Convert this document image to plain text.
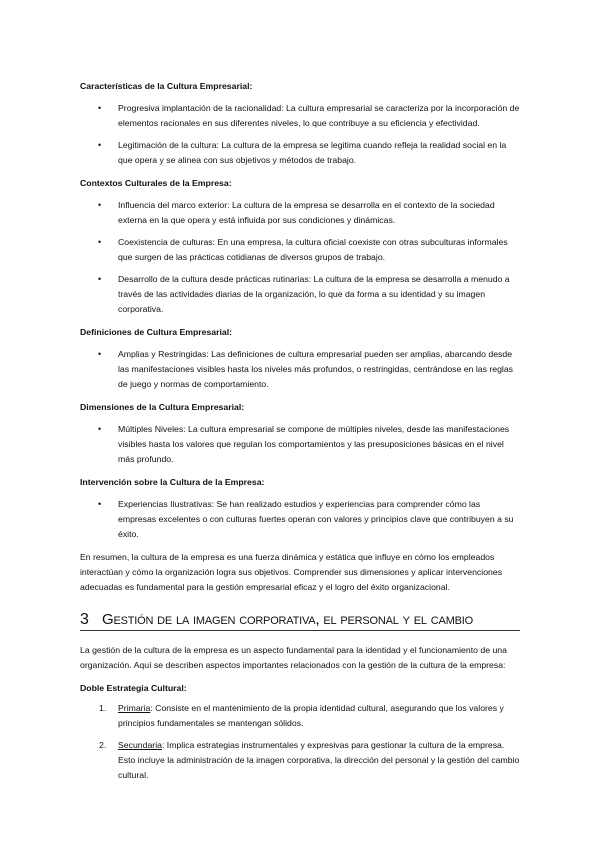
Características de la Cultura Empresarial:

• Progresiva implantación de la racionalidad: La cultura empresarial se caracteriza por la incorporación de elementos racionales en sus diferentes niveles, lo que contribuye a su eficiencia y efectividad.
• Legitimación de la cultura: La cultura de la empresa se legitima cuando refleja la realidad social en la que opera y se alinea con sus objetivos y métodos de trabajo.

Contextos Culturales de la Empresa:

• Influencia del marco exterior: La cultura de la empresa se desarrolla en el contexto de la sociedad externa en la que opera y está influida por sus condiciones y dinámicas.
• Coexistencia de culturas: En una empresa, la cultura oficial coexiste con otras subculturas informales que surgen de las prácticas cotidianas de diversos grupos de trabajo.
• Desarrollo de la cultura desde prácticas rutinarias: La cultura de la empresa se desarrolla a menudo a través de las actividades diarias de la organización, lo que da forma a su identidad y su imagen corporativa.

Definiciones de Cultura Empresarial:

• Amplias y Restringidas: Las definiciones de cultura empresarial pueden ser amplias, abarcando desde las manifestaciones visibles hasta los niveles más profundos, o restringidas, centrándose en las reglas de juego y normas de comportamiento.

Dimensiones de la Cultura Empresarial:

• Múltiples Niveles: La cultura empresarial se compone de múltiples niveles, desde las manifestaciones visibles hasta los valores que regulan los comportamientos y las presuposiciones básicas en el nivel más profundo.

Intervención sobre la Cultura de la Empresa:

• Experiencias Ilustrativas: Se han realizado estudios y experiencias para comprender cómo las empresas excelentes o con culturas fuertes operan con valores y principios clave que contribuyen a su éxito.

En resumen, la cultura de la empresa es una fuerza dinámica y estática que influye en cómo los empleados interactúan y cómo la organización logra sus objetivos. Comprender sus dimensiones y aplicar intervenciones adecuadas es fundamental para la gestión empresarial eficaz y el logro del éxito organizacional.

3 Gestión de la imagen corporativa, el personal y el cambio

La gestión de la cultura de la empresa es un aspecto fundamental para la identidad y el funcionamiento de una organización. Aquí se describen aspectos importantes relacionados con la gestión de la cultura de la empresa:

Doble Estrategia Cultural:

1. Primaria: Consiste en el mantenimiento de la propia identidad cultural, asegurando que los valores y principios fundamentales se mantengan sólidos.
2. Secundaria: Implica estrategias instrumentales y expresivas para gestionar la cultura de la empresa. Esto incluye la administración de la imagen corporativa, la dirección del personal y la gestión del cambio cultural.
